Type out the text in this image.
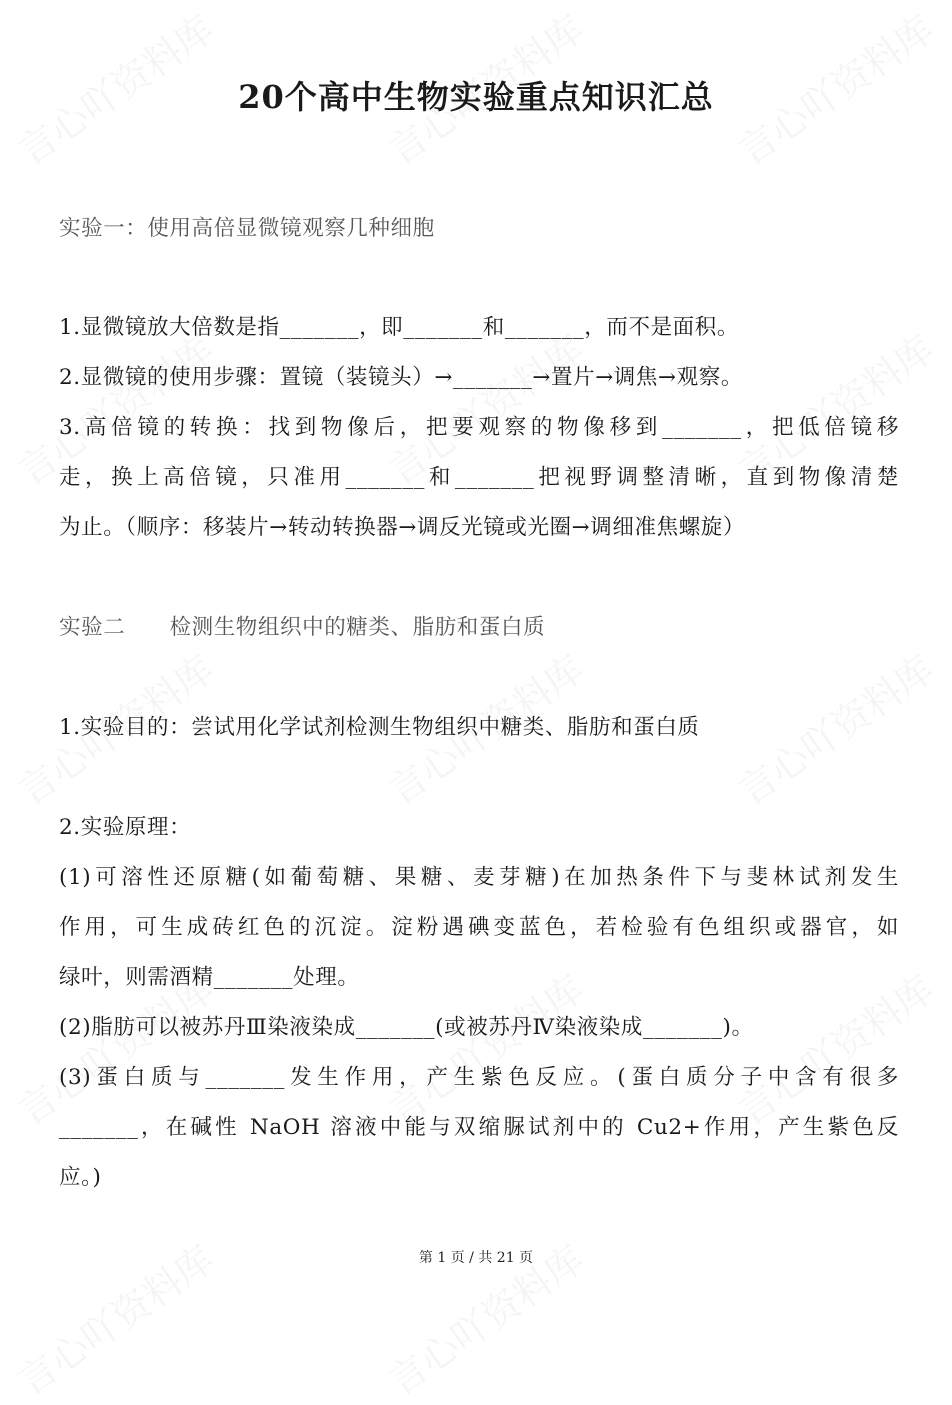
20个高中生物实验重点知识汇总
实验一：使用高倍显微镜观察几种细胞
1.显微镜放大倍数是指_______，即_______和_______，而不是面积。
2.显微镜的使用步骤：置镜（装镜头）→_______→置片→调焦→观察。
3.高倍镜的转换：找到物像后，把要观察的物像移到_______，把低倍镜移
走，换上高倍镜，只准用_______和_______把视野调整清晰，直到物像清楚
为止。（顺序：移装片→转动转换器→调反光镜或光圈→调细准焦螺旋）
实验二　　检测生物组织中的糖类、脂肪和蛋白质
1.实验目的：尝试用化学试剂检测生物组织中糖类、脂肪和蛋白质
2.实验原理：
(1)可溶性还原糖(如葡萄糖、果糖、麦芽糖)在加热条件下与斐林试剂发生
作用，可生成砖红色的沉淀。淀粉遇碘变蓝色，若检验有色组织或器官，如
绿叶，则需酒精_______处理。
(2)脂肪可以被苏丹Ⅲ染液染成_______(或被苏丹Ⅳ染液染成_______)。
(3)蛋白质与_______发生作用，产生紫色反应。(蛋白质分子中含有很多
_______，在碱性 NaOH 溶液中能与双缩脲试剂中的 Cu2+作用，产生紫色反
应。)
第 1 页 / 共 21 页
